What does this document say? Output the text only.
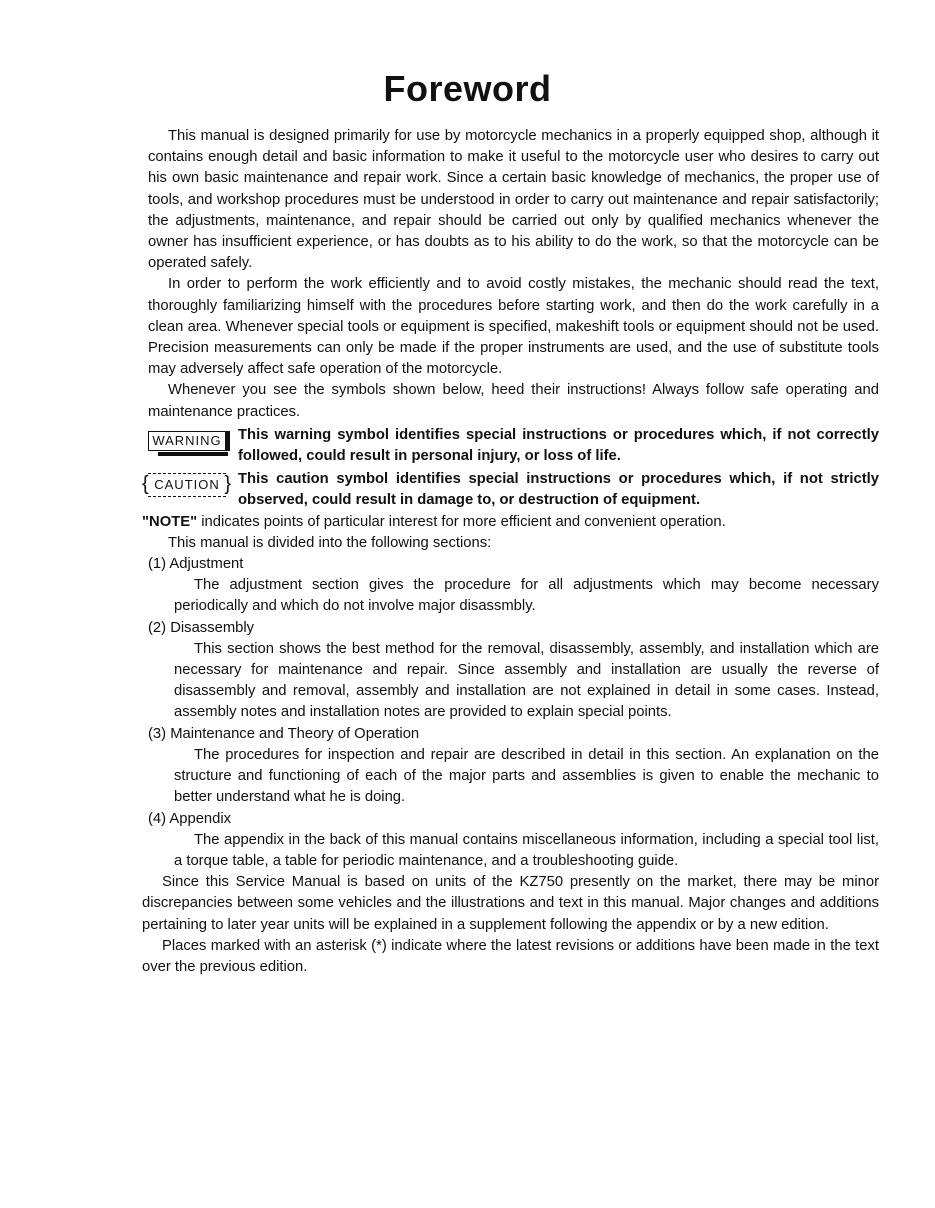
Foreword

This manual is designed primarily for use by motorcycle mechanics in a properly equipped shop, although it contains enough detail and basic information to make it useful to the motorcycle user who desires to carry out his own basic maintenance and repair work. Since a certain basic knowledge of mechanics, the proper use of tools, and workshop procedures must be understood in order to carry out maintenance and repair satisfactorily; the adjustments, maintenance, and repair should be carried out only by qualified mechanics whenever the owner has insufficient experience, or has doubts as to his ability to do the work, so that the motorcycle can be operated safely.

In order to perform the work efficiently and to avoid costly mistakes, the mechanic should read the text, thoroughly familiarizing himself with the procedures before starting work, and then do the work carefully in a clean area. Whenever special tools or equipment is specified, makeshift tools or equipment should not be used. Precision measurements can only be made if the proper instruments are used, and the use of substitute tools may adversely affect safe operation of the motorcycle.

Whenever you see the symbols shown below, heed their instructions! Always follow safe operating and maintenance practices.

WARNING	This warning symbol identifies special instructions or procedures which, if not correctly followed, could result in personal injury, or loss of life.
{ CAUTION }	This caution symbol identifies special instructions or procedures which, if not strictly observed, could result in damage to, or destruction of equipment.

"NOTE" indicates points of particular interest for more efficient and convenient operation.

This manual is divided into the following sections:

(1) Adjustment

The adjustment section gives the procedure for all adjustments which may become necessary periodically and which do not involve major disassmbly.

(2) Disassembly

This section shows the best method for the removal, disassembly, assembly, and installation which are necessary for maintenance and repair. Since assembly and installation are usually the reverse of disassembly and removal, assembly and installation are not explained in detail in some cases. Instead, assembly notes and installation notes are provided to explain special points.

(3) Maintenance and Theory of Operation

The procedures for inspection and repair are described in detail in this section. An explanation on the structure and functioning of each of the major parts and assemblies is given to enable the mechanic to better understand what he is doing.

(4) Appendix

The appendix in the back of this manual contains miscellaneous information, including a special tool list, a torque table, a table for periodic maintenance, and a troubleshooting guide.

Since this Service Manual is based on units of the KZ750 presently on the market, there may be minor discrepancies between some vehicles and the illustrations and text in this manual. Major changes and additions pertaining to later year units will be explained in a supplement following the appendix or by a new edition.

Places marked with an asterisk (*) indicate where the latest revisions or additions have been made in the text over the previous edition.
